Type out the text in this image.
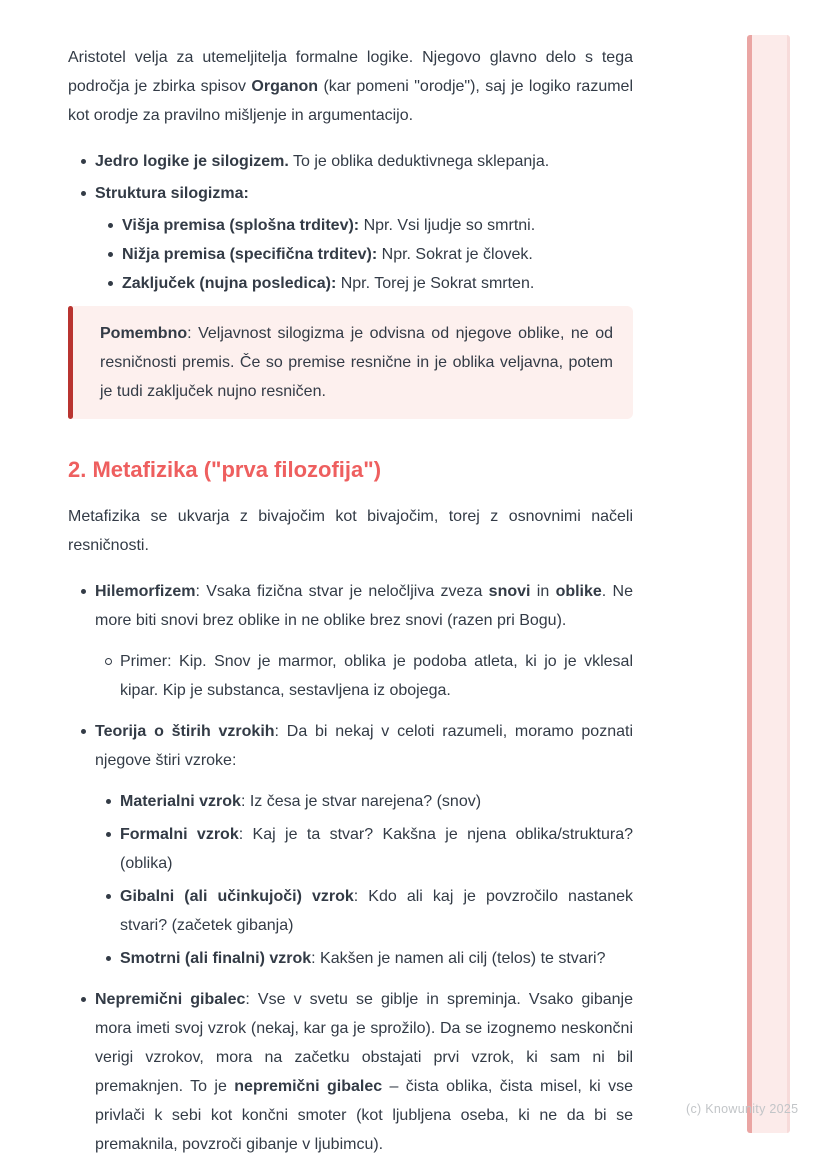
Aristotel velja za utemeljitelja formalne logike. Njegovo glavno delo s tega področja je zbirka spisov Organon (kar pomeni "orodje"), saj je logiko razumel kot orodje za pravilno mišljenje in argumentacijo.

Jedro logike je silogizem. To je oblika deduktivnega sklepanja.
Struktura silogizma:
Višja premisa (splošna trditev): Npr. Vsi ljudje so smrtni.
Nižja premisa (specifična trditev): Npr. Sokrat je človek.
Zaključek (nujna posledica): Npr. Torej je Sokrat smrten.
Pomembno: Veljavnost silogizma je odvisna od njegove oblike, ne od resničnosti premis. Če so premise resnične in je oblika veljavna, potem je tudi zaključek nujno resničen.
2. Metafizika ("prva filozofija")

Metafizika se ukvarja z bivajočim kot bivajočim, torej z osnovnimi načeli resničnosti.

Hilemorfizem: Vsaka fizična stvar je neločljiva zveza snovi in oblike. Ne more biti snovi brez oblike in ne oblike brez snovi (razen pri Bogu).
Primer: Kip. Snov je marmor, oblika je podoba atleta, ki jo je vklesal kipar. Kip je substanca, sestavljena iz obojega.
Teorija o štirih vzrokih: Da bi nekaj v celoti razumeli, moramo poznati njegove štiri vzroke:
Materialni vzrok: Iz česa je stvar narejena? (snov)
Formalni vzrok: Kaj je ta stvar? Kakšna je njena oblika/struktura? (oblika)
Gibalni (ali učinkujoči) vzrok: Kdo ali kaj je povzročilo nastanek stvari? (začetek gibanja)
Smotrni (ali finalni) vzrok: Kakšen je namen ali cilj (telos) te stvari?
Nepremični gibalec: Vse v svetu se giblje in spreminja. Vsako gibanje mora imeti svoj vzrok (nekaj, kar ga je sprožilo). Da se izognemo neskončni verigi vzrokov, mora na začetku obstajati prvi vzrok, ki sam ni bil premaknjen. To je nepremični gibalec – čista oblika, čista misel, ki vse privlači k sebi kot končni smoter (kot ljubljena oseba, ki ne da bi se premaknila, povzroči gibanje v ljubimcu).
(c) Knowunity 2025
